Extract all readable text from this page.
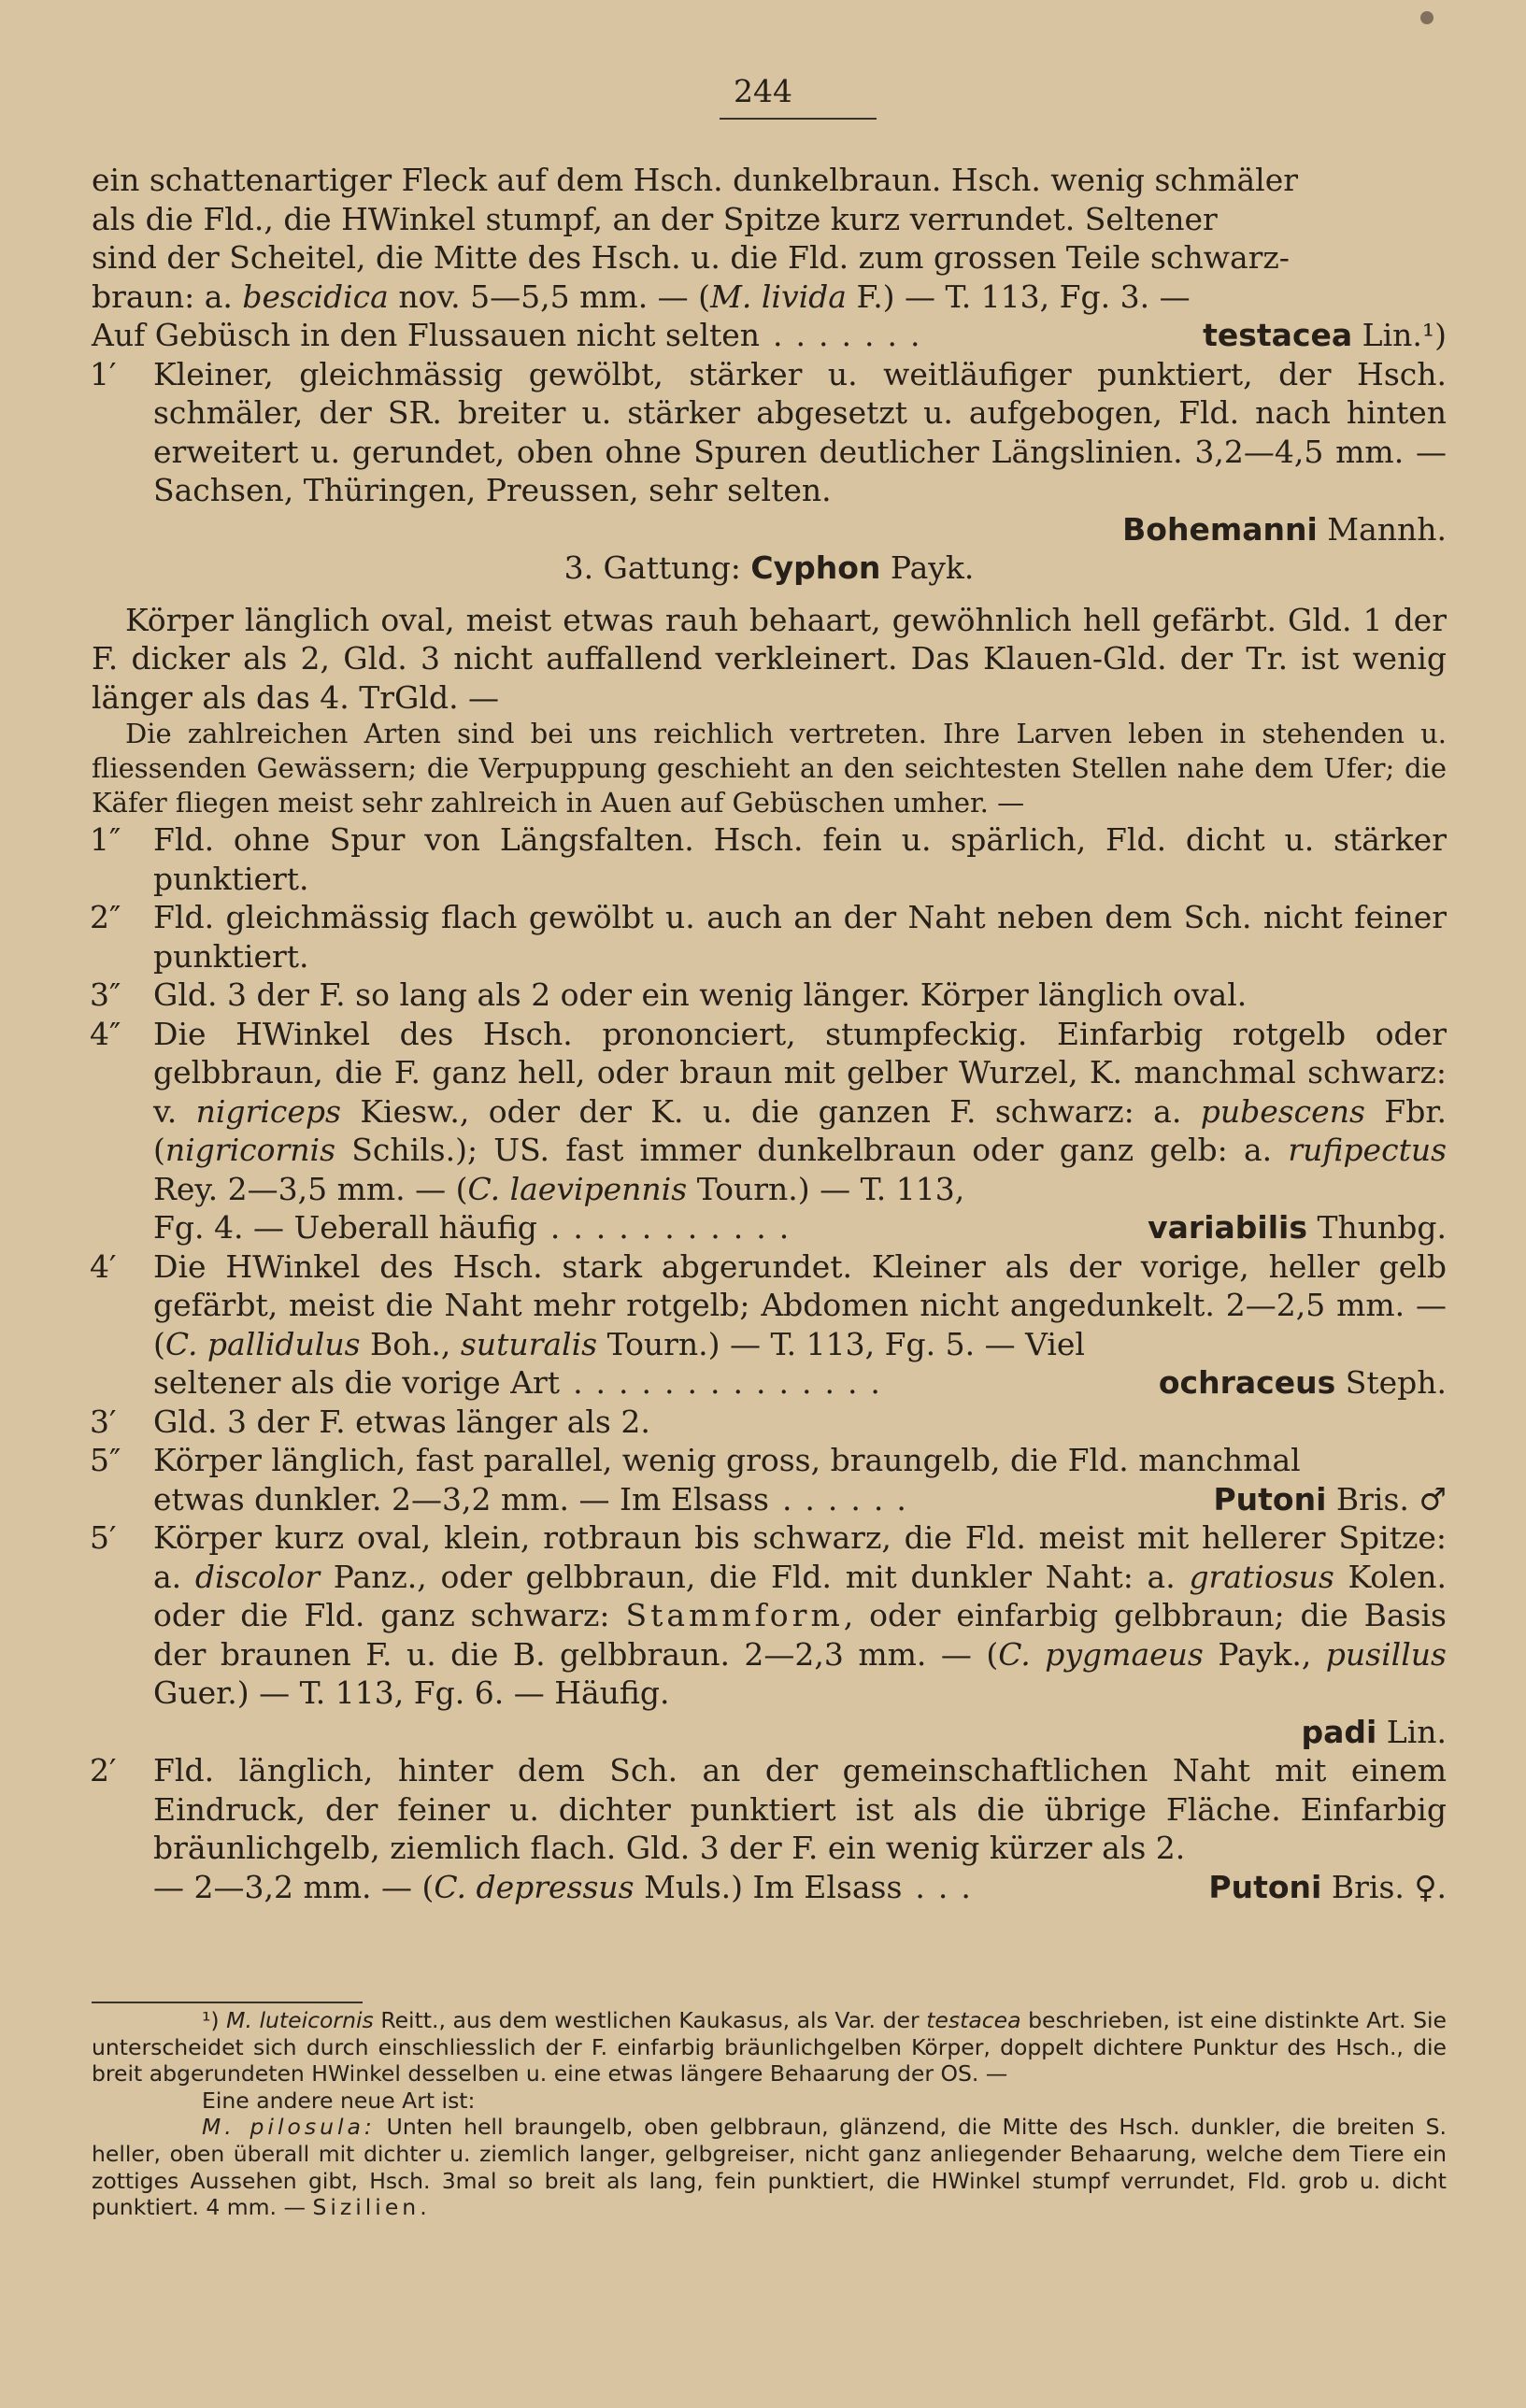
244

ein schattenartiger Fleck auf dem Hsch. dunkelbraun. Hsch. wenig schmäler

als die Fld., die HWinkel stumpf, an der Spitze kurz verrundet. Seltener

sind der Scheitel, die Mitte des Hsch. u. die Fld. zum grossen Teile schwarz-

braun: a. bescidica nov. 5—5,5 mm. — (M. livida F.) — T. 113, Fg. 3. —

Auf Gebüsch in den Flussauen nicht selten .......	testacea
Lin.¹)
1′ Kleiner, gleichmässig gewölbt, stärker u. weitläufiger punktiert, der Hsch. schmäler, der SR. breiter u. stärker abgesetzt u. aufgebogen, Fld. nach hinten erweitert u. gerundet, oben ohne Spuren deutlicher Längslinien. 3,2—4,5 mm. — Sachsen, Thüringen, Preussen, sehr selten.

Bohemanni Mannh.

3. Gattung: Cyphon Payk.

Körper länglich oval, meist etwas rauh behaart, gewöhnlich hell gefärbt. Gld. 1 der F. dicker als 2, Gld. 3 nicht auffallend verkleinert. Das Klauen-Gld. der Tr. ist wenig länger als das 4. TrGld. —

Die zahlreichen Arten sind bei uns reichlich vertreten. Ihre Larven leben in stehenden u. fliessenden Gewässern; die Verpuppung geschieht an den seichtesten Stellen nahe dem Ufer; die Käfer fliegen meist sehr zahlreich in Auen auf Gebüschen umher. —

1″ Fld. ohne Spur von Längsfalten. Hsch. fein u. spärlich, Fld. dicht u. stärker punktiert.
2″ Fld. gleichmässig flach gewölbt u. auch an der Naht neben dem Sch. nicht feiner punktiert.
3″ Gld. 3 der F. so lang als 2 oder ein wenig länger. Körper länglich oval.
4″ Die HWinkel des Hsch. prononciert, stumpfeckig. Einfarbig rotgelb oder gelbbraun, die F. ganz hell, oder braun mit gelber Wurzel, K. manchmal schwarz: v. nigriceps Kiesw., oder der K. u. die ganzen F. schwarz: a. pubescens Fbr. (nigricornis Schils.); US. fast immer dunkelbraun oder ganz gelb: a. rufipectus Rey. 2—3,5 mm. — (C. laevipennis Tourn.) — T. 113,
Fg. 4. — Ueberall häufig ...........	variabilis
Thunbg.
4′ Die HWinkel des Hsch. stark abgerundet. Kleiner als der vorige, heller gelb gefärbt, meist die Naht mehr rotgelb; Abdomen nicht angedunkelt. 2—2,5 mm. — (C. pallidulus Boh., suturalis Tourn.) — T. 113, Fg. 5. — Viel
seltener als die vorige Art ..............	ochraceus
Steph.
3′ Gld. 3 der F. etwas länger als 2.
5″ Körper länglich, fast parallel, wenig gross, braungelb, die Fld. manchmal
etwas dunkler. 2—3,2 mm. — Im Elsass ......	Putoni
Bris.
♂
5′ Körper kurz oval, klein, rotbraun bis schwarz, die Fld. meist mit hellerer Spitze: a. discolor Panz., oder gelbbraun, die Fld. mit dunkler Naht: a. gratiosus Kolen. oder die Fld. ganz schwarz: Stammform, oder einfarbig gelbbraun; die Basis der braunen F. u. die B. gelbbraun. 2—2,3 mm. — (C. pygmaeus Payk., pusillus Guer.) — T. 113, Fg. 6. — Häufig.

padi Lin.

2′ Fld. länglich, hinter dem Sch. an der gemeinschaftlichen Naht mit einem Eindruck, der feiner u. dichter punktiert ist als die übrige Fläche. Einfarbig bräunlichgelb, ziemlich flach. Gld. 3 der F. ein wenig kürzer als 2.
— 2—3,2 mm. — ( C. depressus
Muls.) Im Elsass ...	Putoni
Bris.
♀.

¹) M. luteicornis Reitt., aus dem westlichen Kaukasus, als Var. der testacea beschrieben, ist eine distinkte Art. Sie unterscheidet sich durch einschliesslich der F. einfarbig bräunlichgelben Körper, doppelt dichtere Punktur des Hsch., die breit abgerundeten HWinkel desselben u. eine etwas längere Behaarung der OS. —

Eine andere neue Art ist:

M. pilosula: Unten hell braungelb, oben gelbbraun, glänzend, die Mitte des Hsch. dunkler, die breiten S. heller, oben überall mit dichter u. ziemlich langer, gelbgreiser, nicht ganz anliegender Behaarung, welche dem Tiere ein zottiges Aussehen gibt, Hsch. 3mal so breit als lang, fein punktiert, die HWinkel stumpf verrundet, Fld. grob u. dicht punktiert. 4 mm. — Sizilien.
